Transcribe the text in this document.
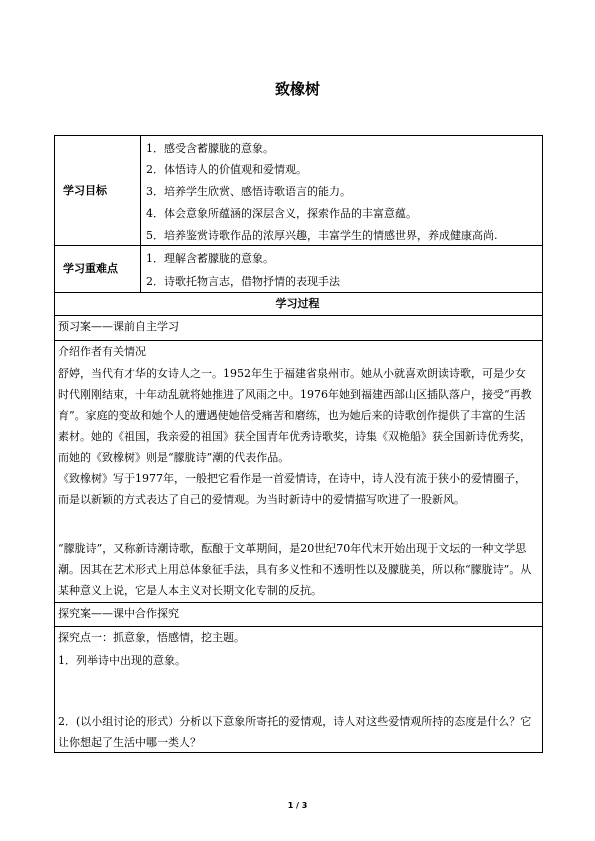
致橡树
学习目标
1．感受含蓄朦胧的意象。
2．体悟诗人的价值观和爱情观。
3．培养学生欣赏、感悟诗歌语言的能力。
4．体会意象所蕴涵的深层含义，探索作品的丰富意蕴。
5．培养鉴赏诗歌作品的浓厚兴趣，丰富学生的情感世界，养成健康高尚.
学习重难点
1．理解含蓄朦胧的意象。
2．诗歌托物言志，借物抒情的表现手法
学习过程
预习案——课前自主学习
介绍作者有关情况
舒婷，当代有才华的女诗人之一。1952年生于福建省泉州市。她从小就喜欢朗读诗歌，可是少女时代刚刚结束，十年动乱就将她推进了风雨之中。1976年她到福建西部山区插队落户，接受“再教育”。家庭的变故和她个人的遭遇使她倍受痛苦和磨练，也为她后来的诗歌创作提供了丰富的生活素材。她的《祖国，我亲爱的祖国》获全国青年优秀诗歌奖，诗集《双桅船》获全国新诗优秀奖，而她的《致橡树》则是“朦胧诗”潮的代表作品。
《致橡树》写于1977年，一般把它看作是一首爱情诗，在诗中，诗人没有流于狭小的爱情圈子，而是以新颖的方式表达了自己的爱情观。为当时新诗中的爱情描写吹进了一股新风。
“朦胧诗”，又称新诗潮诗歌，酝酿于文革期间，是20世纪70年代末开始出现于文坛的一种文学思潮。因其在艺术形式上用总体象征手法，具有多义性和不透明性以及朦胧美，所以称“朦胧诗”。从某种意义上说，它是人本主义对长期文化专制的反抗。
探究案——课中合作探究
探究点一：抓意象，悟感情，挖主题。
1．列举诗中出现的意象。
2．(以小组讨论的形式）分析以下意象所寄托的爱情观，诗人对这些爱情观所持的态度是什么？它让你想起了生活中哪一类人？
1 / 3
